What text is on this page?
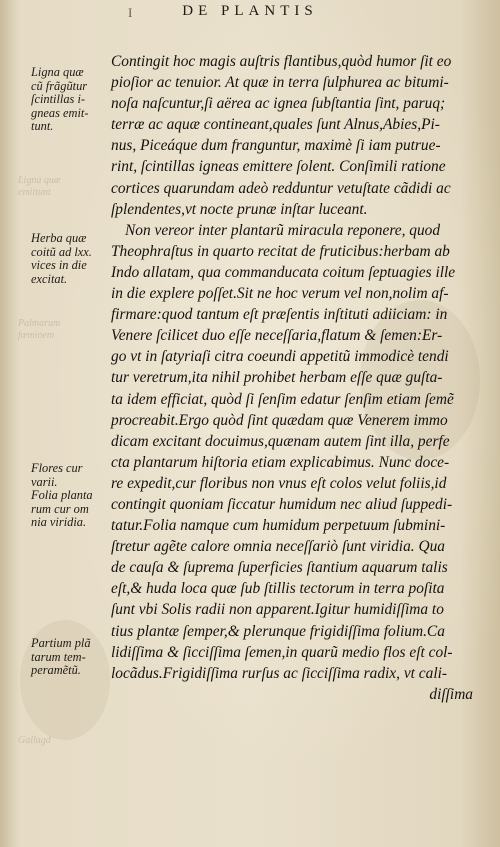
Ligna quæ
emittunt
Palmarum
fœminem
Gallagd
I	DE PLANTIS
Ligna quæ
cũ frãgũtur
ſcintillas i-
gneas emit-
tunt.
Herba quæ
coitũ ad lxx.
vices in die
excitat.
Flores cur
varii.
Folia planta
rum cur om
nia viridia.
Partium plã
tarum tem-
peramẽtũ.
Contingit hoc magis auſtris flantibus,quòd humor ſit eo
pioſior ac tenuior. At quæ in terra ſulphurea ac bitumi-
noſa naſcuntur,ſi aërea ac ignea ſubſtantia ſint, paruq;
terræ ac aquæ contineant,quales ſunt Alnus,Abies,Pi-
nus, Piceáque dum franguntur, maximè ſi iam putrue-
rint, ſcintillas igneas emittere ſolent. Conſimili ratione
cortices quarundam adeò redduntur vetuſtate cãdidi ac
ſplendentes,vt nocte prunæ inſtar luceant.
Non vereor inter plantarũ miracula reponere, quod
Theophraſtus in quarto recitat de fruticibus:herbam ab
Indo allatam, qua commanducata coitum ſeptuagies ille
in die explere poſſet.Sit ne hoc verum vel non,nolim af-
firmare:quod tantum eſt præſentis inſtituti adiiciam: in
Venere ſcilicet duo eſſe neceſſaria,flatum & ſemen:Er-
go vt in ſatyriaſi citra coeundi appetitũ immodicè tendi
tur veretrum,ita nihil prohibet herbam eſſe quæ guſta-
ta idem efficiat, quòd ſi ſenſim edatur ſenſim etiam ſemẽ
procreabit.Ergo quòd ſint quædam quæ Venerem immo
dicam excitant docuimus,quænam autem ſint illa, perfe
cta plantarum hiſtoria etiam explicabimus. Nunc doce-
re expedit,cur floribus non vnus eſt colos velut foliis,id
contingit quoniam ſiccatur humidum nec aliud ſuppedi-
tatur.Folia namque cum humidum perpetuum ſubmini-
ſtretur agẽte calore omnia neceſſariò ſunt viridia. Qua
de cauſa & ſuprema ſuperficies ſtantium aquarum talis
eſt,& huda loca quæ ſub ſtillis tectorum in terra poſita
ſunt vbi Solis radii non apparent.Igitur humidiſſima to
tius plantæ ſemper,& plerunque frigidiſſima folium.Ca
lidiſſima & ſicciſſima ſemen,in quarũ medio flos eſt col-
locãdus.Frigidiſſima rurſus ac ſicciſſima radix, vt cali-
diſſima
